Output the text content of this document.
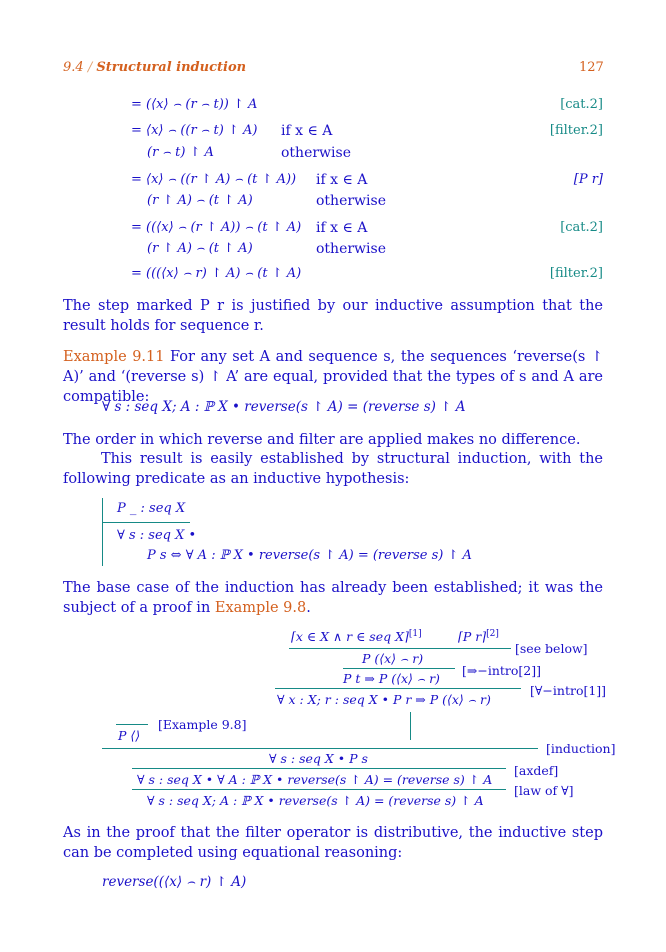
9.4 / Structural induction	127
= (⟨x⟩ ⌢ (r ⌢ t)) ↾ A	[cat.2]
= ⟨x⟩ ⌢ ((r ⌢ t) ↾ A) if x ∈ A	[filter.2]
(r ⌢ t) ↾ A	otherwise
= ⟨x⟩ ⌢ ((r ↾ A) ⌢ (t ↾ A)) if x ∈ A	[P r]
(r ↾ A) ⌢ (t ↾ A)	otherwise
= ((⟨x⟩ ⌢ (r ↾ A)) ⌢ (t ↾ A) if x ∈ A	[cat.2]
(r ↾ A) ⌢ (t ↾ A)	otherwise
= (((⟨x⟩ ⌢ r) ↾ A) ⌢ (t ↾ A)	[filter.2]
The step marked P r is justified by our inductive assumption that the result holds for sequence r.
Example 9.11 For any set A and sequence s, the sequences ‘reverse(s ↾ A)’ and ‘(reverse s) ↾ A’ are equal, provided that the types of s and A are compatible:
∀ s : seq X; A : ℙ X • reverse(s ↾ A) = (reverse s) ↾ A
The order in which reverse and filter are applied makes no difference.
This result is easily established by structural induction, with the following predicate as an inductive hypothesis:
P _ : seq X
∀ s : seq X •
P s ⇔ ∀ A : ℙ X • reverse(s ↾ A) = (reverse s) ↾ A
The base case of the induction has already been established; it was the subject of a proof in Example 9.8.
⌈x ∈ X ∧ r ∈ seq X⌉[1]	⌈P r⌉[2]
[see below]
P (⟨x⟩ ⌢ r)
P t ⇒ P (⟨x⟩ ⌢ r)
[⇒−intro[2]]
∀ x : X; r : seq X • P r ⇒ P (⟨x⟩ ⌢ r)
[∀−intro[1]]
[Example 9.8]
P ⟨⟩
[induction]
∀ s : seq X • P s
[axdef]
∀ s : seq X • ∀ A : ℙ X • reverse(s ↾ A) = (reverse s) ↾ A
[law of ∀]
∀ s : seq X; A : ℙ X • reverse(s ↾ A) = (reverse s) ↾ A
As in the proof that the filter operator is distributive, the inductive step can be completed using equational reasoning:
reverse((⟨x⟩ ⌢ r) ↾ A)
